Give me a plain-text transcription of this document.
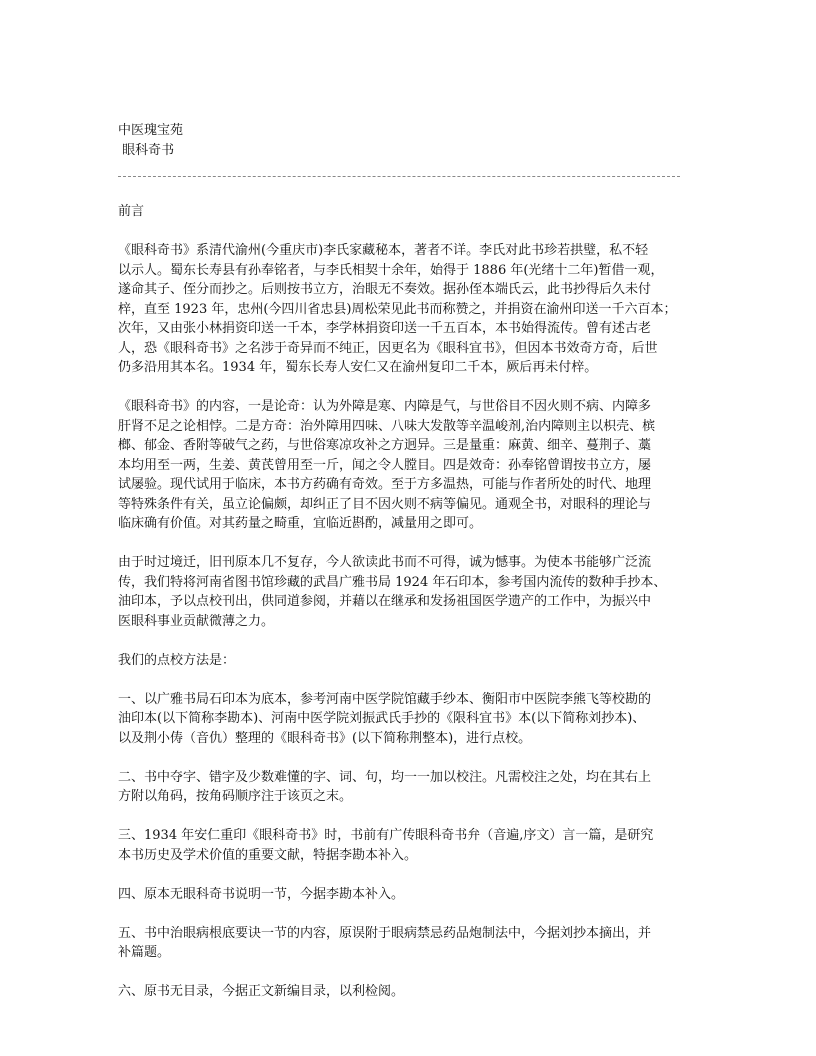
中医瑰宝苑
眼科奇书
前言
《眼科奇书》系清代渝州(今重庆市)李氏家藏秘本，著者不详。李氏对此书珍若拱璧，私不轻
以示人。蜀东长寿县有孙奉铭者，与李氏相契十余年，始得于 1886 年(光绪十二年)暂借一观，
遂命其子、侄分而抄之。后则按书立方，治眼无不奏效。据孙侄本端氏云，此书抄得后久未付
梓，直至 1923 年，忠州(今四川省忠县)周松荣见此书而称赞之，并捐资在渝州印送一千六百本；
次年，又由张小林捐资印送一千本，李学林捐资印送一千五百本，本书始得流传。曾有述古老
人，恐《眼科奇书》之名涉于奇异而不纯正，因更名为《眼科宜书》，但因本书效奇方奇，后世
仍多沿用其本名。1934 年，蜀东长寿人安仁又在渝州复印二千本，厥后再未付梓。
《眼科奇书》的内容，一是论奇：认为外障是寒、内障是气，与世俗目不因火则不病、内障多
肝肾不足之论相悖。二是方奇：治外障用四味、八味大发散等辛温峻剂,治内障则主以枳壳、槟
榔、郁金、香附等破气之药，与世俗寒凉攻补之方迥异。三是量重：麻黄、细辛、蔓荆子、藁
本均用至一两，生姜、黄芪曾用至一斤，闻之令人膛目。四是效奇：孙奉铭曾谓按书立方，屡
试屡验。现代试用于临床，本书方药确有奇效。至于方多温热，可能与作者所处的时代、地理
等特殊条件有关，虽立论偏颇，却纠正了目不因火则不病等偏见。通观全书，对眼科的理论与
临床确有价值。对其药量之畸重，宜临近斟酌，减量用之即可。
由于时过境迁，旧刊原本几不复存，今人欲读此书而不可得，诚为憾事。为使本书能够广泛流
传，我们特将河南省图书馆珍藏的武昌广雅书局 1924 年石印本，参考国内流传的数种手抄本、
油印本，予以点校刊出，供同道参阅，并藉以在继承和发扬祖国医学遗产的工作中，为振兴中
医眼科事业贡献微薄之力。
我们的点校方法是：
一、以广雅书局石印本为底本，参考河南中医学院馆藏手纱本、衡阳市中医院李熊飞等校勘的
油印本(以下简称李勘本)、河南中医学院刘振武氏手抄的《限科宜书》本(以下简称刘抄本)、
以及荆小俦（音仇）整理的《眼科奇书》(以下简称荆整本)，进行点校。
二、书中夺字、错字及少数难懂的字、词、句，均一一加以校注。凡需校注之处，均在其右上
方附以角码，按角码顺序注于该页之末。
三、1934 年安仁重印《眼科奇书》时，书前有广传眼科奇书弁（音遍,序文）言一篇，是研究
本书历史及学术价值的重要文献，特据李勘本补入。
四、原本无眼科奇书说明一节，今据李勘本补入。
五、书中治眼病根底要诀一节的内容，原误附于眼病禁忌药品炮制法中，今据刘抄本摘出，并
补篇题。
六、原书无目录，今据正文新编目录，以利检阅。
